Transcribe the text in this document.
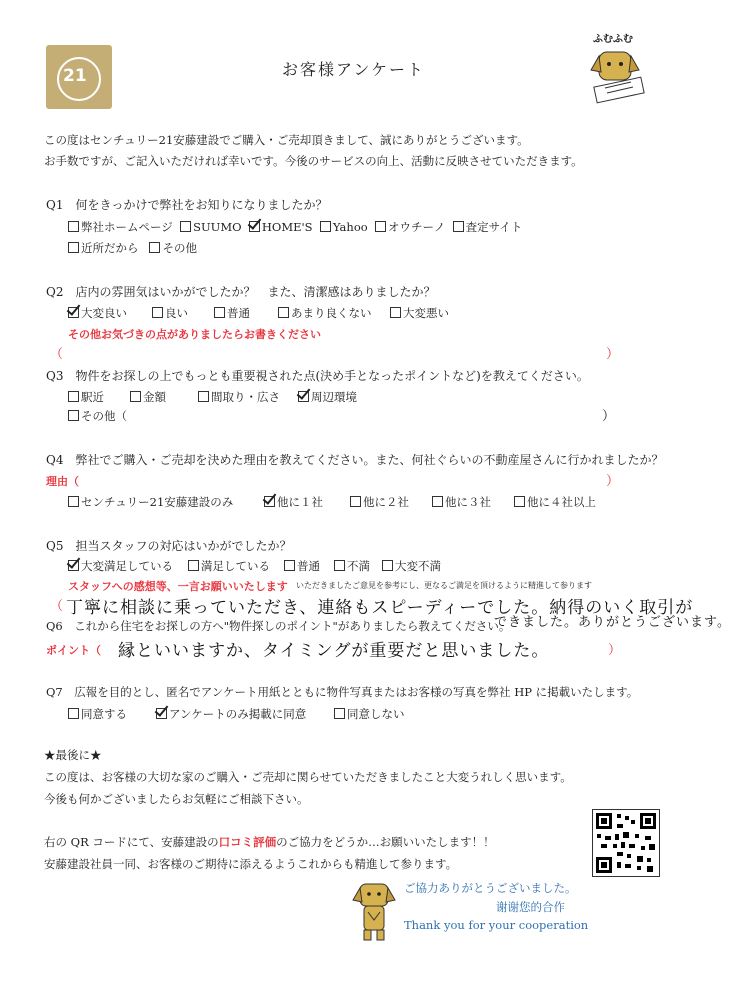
21	お客様アンケート
ふむふむ
この度はセンチュリー21安藤建設でご購入・ご売却頂きまして、誠にありがとうございます。
お手数ですが、ご記入いただければ幸いです。今後のサービスの向上、活動に反映させていただきます。
Q1　 何をきっかけで弊社をお知りになりましたか？
弊社ホームページ SUUMO HOME'S Yahoo オウチーノ 査定サイト
近所だから その他
Q2　 店内の雰囲気はいかがでしたか？　また、清潔感はありましたか？
大変良い	良い	普通	あまり良くない	大変悪い
その他お気づきの点がありましたらお書きください
（	）
Q3　 物件をお探しの上でもっとも重要視された点(決め手となったポイントなど)を教えてください。
駅近	金額	間取り・広さ	周辺環境
その他（	）
Q4　 弊社でご購入・ご売却を決めた理由を教えてください。また、何社ぐらいの不動産屋さんに行かれましたか？
理由（	）
センチュリー21安藤建設のみ	他に１社	他に２社	他に３社	他に４社以上
Q5　 担当スタッフの対応はいかがでしたか？
大変満足している	満足している	普通	不満	大変不満
スタッフへの感想等、一言お願いいたします いただきましたご意見を参考にし、更なるご満足を頂けるように精進して参ります
（ 丁寧に相談に乗っていただき、連絡もスピーディーでした。納得のいく取引が
できました。ありがとうございます。
Q6　 これから住宅をお探しの方へ"物件探しのポイント"がありましたら教えてください。
ポイント（ 縁といいますか、タイミングが重要だと思いました。	）
Q7　 広報を目的とし、匿名でアンケート用紙とともに物件写真またはお客様の写真を弊社 HP に掲載いたします。
同意する	アンケートのみ掲載に同意	同意しない
★最後に★
この度は、お客様の大切な家のご購入・ご売却に関らせていただきましたこと大変うれしく思います。
今後も何かございましたらお気軽にご相談下さい。
右の QR コードにて、安藤建設の口コミ評価のご協力をどうか…お願いいたします！！
安藤建設社員一同、お客様のご期待に添えるようこれからも精進して参ります。
ご協力ありがとうございました。
谢谢您的合作
Thank you for your cooperation
